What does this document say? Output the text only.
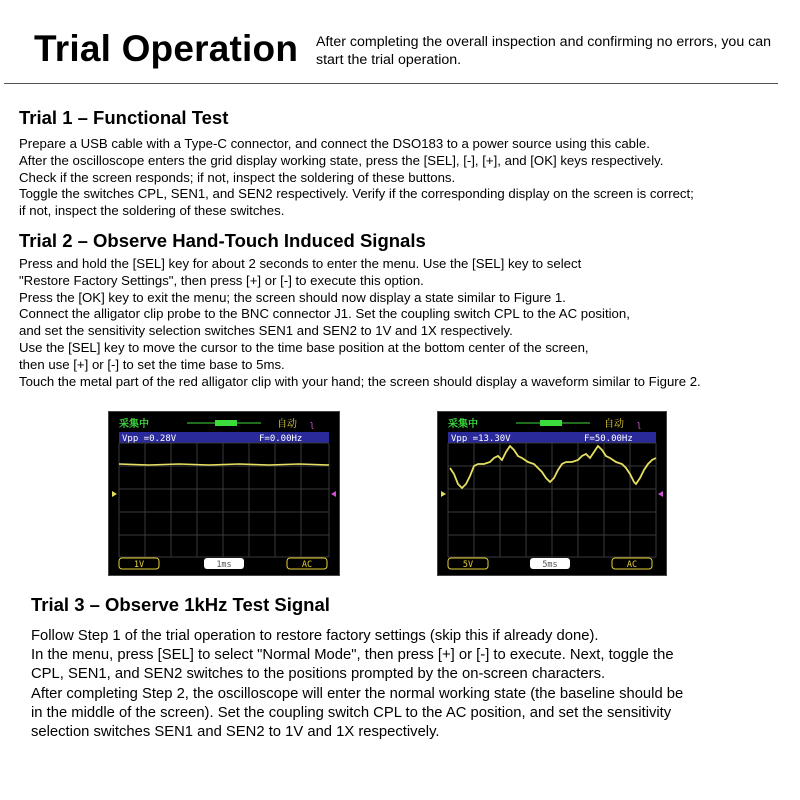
Trial Operation After completing the overall inspection and confirming no errors, you can start the trial operation.
Trial 1 – Functional Test
Prepare a USB cable with a Type-C connector, and connect the DSO183 to a power source using this cable.
After the oscilloscope enters the grid display working state, press the [SEL], [-], [+], and [OK] keys respectively.
Check if the screen responds; if not, inspect the soldering of these buttons.
Toggle the switches CPL, SEN1, and SEN2 respectively. Verify if the corresponding display on the screen is correct;
if not, inspect the soldering of these switches.
Trial 2 – Observe Hand-Touch Induced Signals
Press and hold the [SEL] key for about 2 seconds to enter the menu. Use the [SEL] key to select
"Restore Factory Settings", then press [+] or [-] to execute this option.
Press the [OK] key to exit the menu; the screen should now display a state similar to Figure 1.
Connect the alligator clip probe to the BNC connector J1. Set the coupling switch CPL to the AC position,
and set the sensitivity selection switches SEN1 and SEN2 to 1V and 1X respectively.
Use the [SEL] key to move the cursor to the time base position at the bottom center of the screen,
then use [+] or [-] to set the time base to 5ms.
Touch the metal part of the red alligator clip with your hand; the screen should display a waveform similar to Figure 2.
采集中	自动 ʅ
Vpp =0.28V	F=0.00Hz
1V	1ms	AC
采集中	自动 ʅ
Vpp =13.30V	F=50.00Hz
5V	5ms	AC
Trial 3 – Observe 1kHz Test Signal
Follow Step 1 of the trial operation to restore factory settings (skip this if already done).
In the menu, press [SEL] to select "Normal Mode", then press [+] or [-] to execute. Next, toggle the
CPL, SEN1, and SEN2 switches to the positions prompted by the on-screen characters.
After completing Step 2, the oscilloscope will enter the normal working state (the baseline should be
in the middle of the screen). Set the coupling switch CPL to the AC position, and set the sensitivity
selection switches SEN1 and SEN2 to 1V and 1X respectively.
